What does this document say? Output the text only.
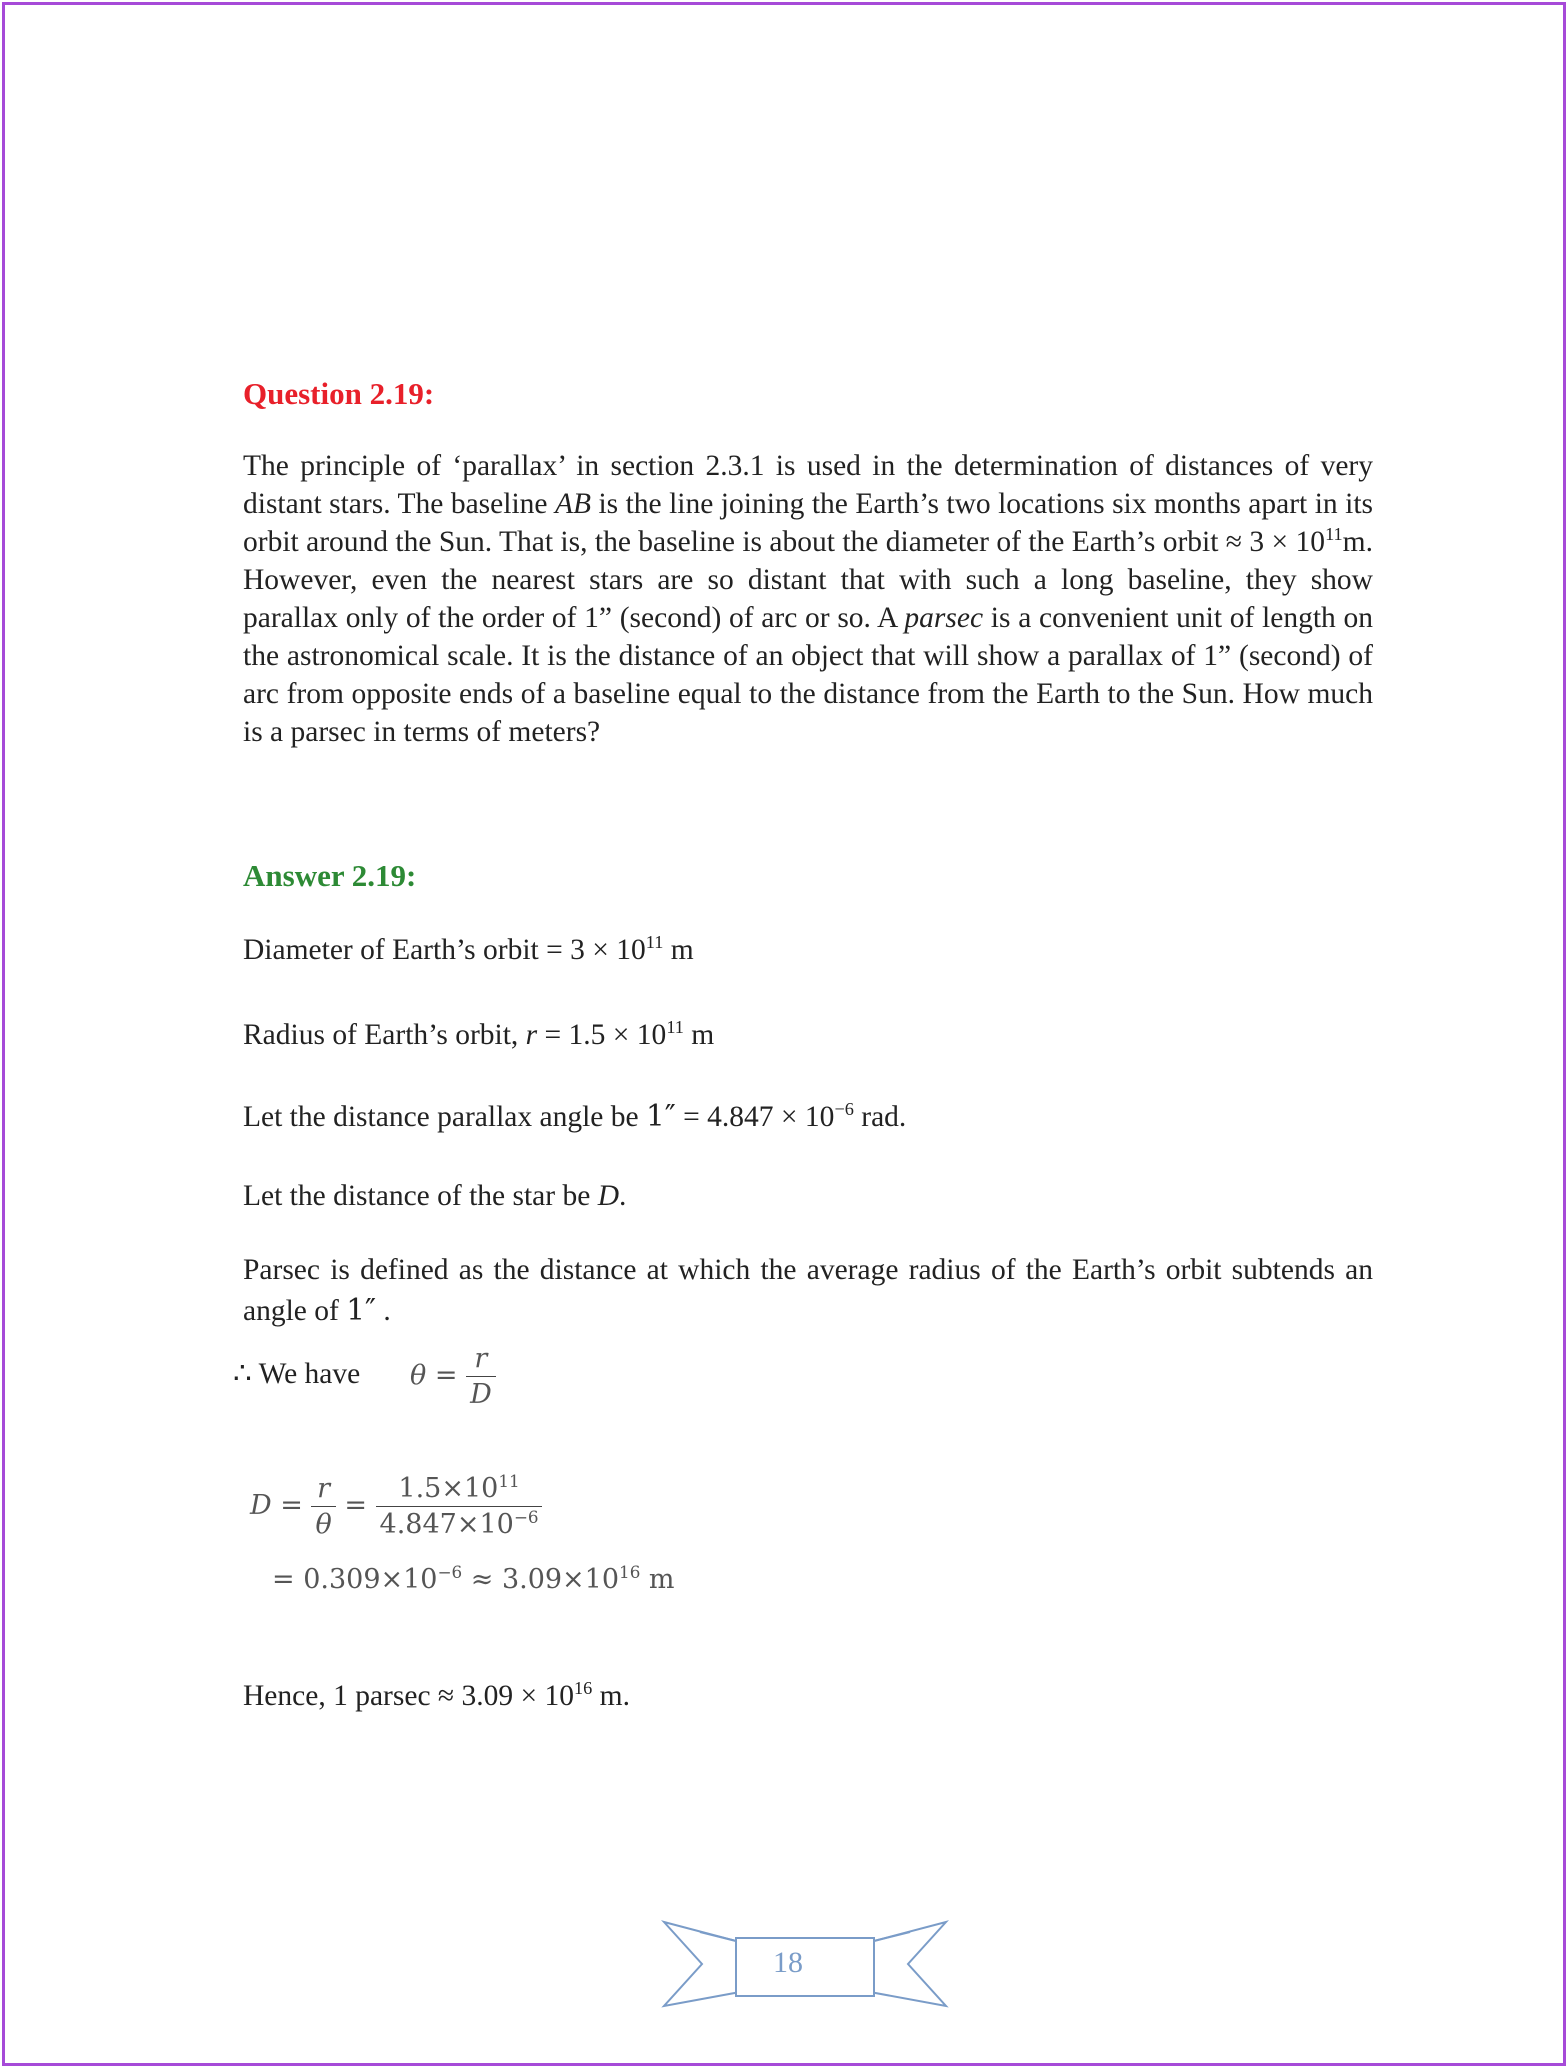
Question 2.19:

The principle of ‘parallax’ in section 2.3.1 is used in the determination of distances of very distant stars. The baseline AB is the line joining the Earth’s two locations six months apart in its orbit around the Sun. That is, the baseline is about the diameter of the Earth’s orbit ≈ $3 \times 10^{11}m$. However, even the nearest stars are so distant that with such a long baseline, they show parallax only of the order of 1” (second) of arc or so. A parsec is a convenient unit of length on the astronomical scale. It is the distance of an object that will show a parallax of 1” (second) of arc from opposite ends of a baseline equal to the distance from the Earth to the Sun. How much is a parsec in terms of meters?

Answer 2.19:
Diameter of Earth’s orbit = $3 \times 10^{11}$ m
Radius of Earth’s orbit, $r = 1.5 \times 10^{11}$ m
Let the distance parallax angle be $1'' = 4.847 \times 10^{-6}$ rad.
Let the distance of the star be D.
Parsec is defined as the distance at which the average radius of the Earth’s orbit subtends an angle of 1″ .
∴ We have $\theta = \frac{r}{D}$
$D = \frac{r}{\theta} = \frac{1.5\times 10^{11}}{4.847\times 10^{-6}}$
= $0.309\times 10^{-6} \approx 3.09\times 10^{16}$ m
Hence, 1 $parsec \approx 3.09 \times 10^{16}$ m.
18
